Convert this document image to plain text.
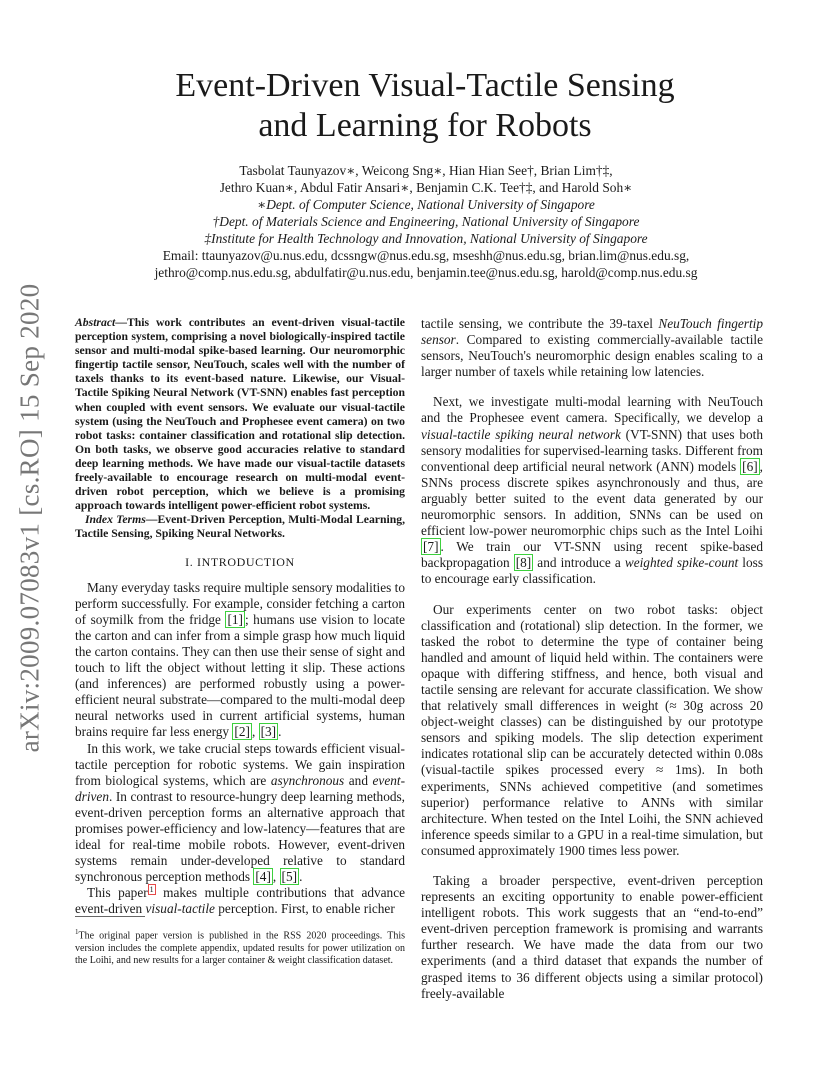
arXiv:2009.07083v1 [cs.RO] 15 Sep 2020
Event-Driven Visual-Tactile Sensing
and Learning for Robots
Tasbolat Taunyazov∗, Weicong Sng∗, Hian Hian See†, Brian Lim†‡,
Jethro Kuan∗, Abdul Fatir Ansari∗, Benjamin C.K. Tee†‡, and Harold Soh∗
∗Dept. of Computer Science, National University of Singapore
†Dept. of Materials Science and Engineering, National University of Singapore
‡Institute for Health Technology and Innovation, National University of Singapore
Email: ttaunyazov@u.nus.edu, dcssngw@nus.edu.sg, mseshh@nus.edu.sg, brian.lim@nus.edu.sg,
jethro@comp.nus.edu.sg, abdulfatir@u.nus.edu, benjamin.tee@nus.edu.sg, harold@comp.nus.edu.sg

Abstract—This work contributes an event-driven visual-tactile perception system, comprising a novel biologically-inspired tactile sensor and multi-modal spike-based learning. Our neuromorphic fingertip tactile sensor, NeuTouch, scales well with the number of taxels thanks to its event-based nature. Likewise, our Visual-Tactile Spiking Neural Network (VT-SNN) enables fast perception when coupled with event sensors. We evaluate our visual-tactile system (using the NeuTouch and Prophesee event camera) on two robot tasks: container classification and rotational slip detection. On both tasks, we observe good accuracies relative to standard deep learning methods. We have made our visual-tactile datasets freely-available to encourage research on multi-modal event-driven robot perception, which we believe is a promising approach towards intelligent power-efficient robot systems.

Index Terms—Event-Driven Perception, Multi-Modal Learning, Tactile Sensing, Spiking Neural Networks.

I. INTRODUCTION

Many everyday tasks require multiple sensory modalities to perform successfully. For example, consider fetching a carton of soymilk from the fridge [1] ; humans use vision to locate the carton and can infer from a simple grasp how much liquid the carton contains. They can then use their sense of sight and touch to lift the object without letting it slip. These actions (and inferences) are performed robustly using a power-efficient neural substrate—compared to the multi-modal deep neural networks used in current artificial systems, human brains require far less energy [2] , [3] .

In this work, we take crucial steps towards efficient visual-tactile perception for robotic systems. We gain inspiration from biological systems, which are asynchronous and event-driven. In contrast to resource-hungry deep learning methods, event-driven perception forms an alternative approach that promises power-efficiency and low-latency—features that are ideal for real-time mobile robots. However, event-driven systems remain under-developed relative to standard synchronous perception methods [4] , [5] .

This paper $^1$ makes multiple contributions that advance event-driven visual-tactile perception. First, to enable richer

$^1$The original paper version is published in the RSS 2020 proceedings. This version includes the complete appendix, updated results for power utilization on the Loihi, and new results for a larger container & weight classification dataset.

tactile sensing, we contribute the 39-taxel NeuTouch fingertip sensor. Compared to existing commercially-available tactile sensors, NeuTouch's neuromorphic design enables scaling to a larger number of taxels while retaining low latencies.

Next, we investigate multi-modal learning with NeuTouch and the Prophesee event camera. Specifically, we develop a visual-tactile spiking neural network (VT-SNN) that uses both sensory modalities for supervised-learning tasks. Different from conventional deep artificial neural network (ANN) models [6] , SNNs process discrete spikes asynchronously and thus, are arguably better suited to the event data generated by our neuromorphic sensors. In addition, SNNs can be used on efficient low-power neuromorphic chips such as the Intel Loihi [7] . We train our VT-SNN using recent spike-based backpropagation [8] and introduce a weighted spike-count loss to encourage early classification.

Our experiments center on two robot tasks: object classification and (rotational) slip detection. In the former, we tasked the robot to determine the type of container being handled and amount of liquid held within. The containers were opaque with differing stiffness, and hence, both visual and tactile sensing are relevant for accurate classification. We show that relatively small differences in weight (≈ 30g across 20 object-weight classes) can be distinguished by our prototype sensors and spiking models. The slip detection experiment indicates rotational slip can be accurately detected within 0.08s (visual-tactile spikes processed every ≈ 1ms). In both experiments, SNNs achieved competitive (and sometimes superior) performance relative to ANNs with similar architecture. When tested on the Intel Loihi, the SNN achieved inference speeds similar to a GPU in a real-time simulation, but consumed approximately 1900 times less power.

Taking a broader perspective, event-driven perception represents an exciting opportunity to enable power-efficient intelligent robots. This work suggests that an “end-to-end” event-driven perception framework is promising and warrants further research. We have made the data from our two experiments (and a third dataset that expands the number of grasped items to 36 different objects using a similar protocol) freely-available
